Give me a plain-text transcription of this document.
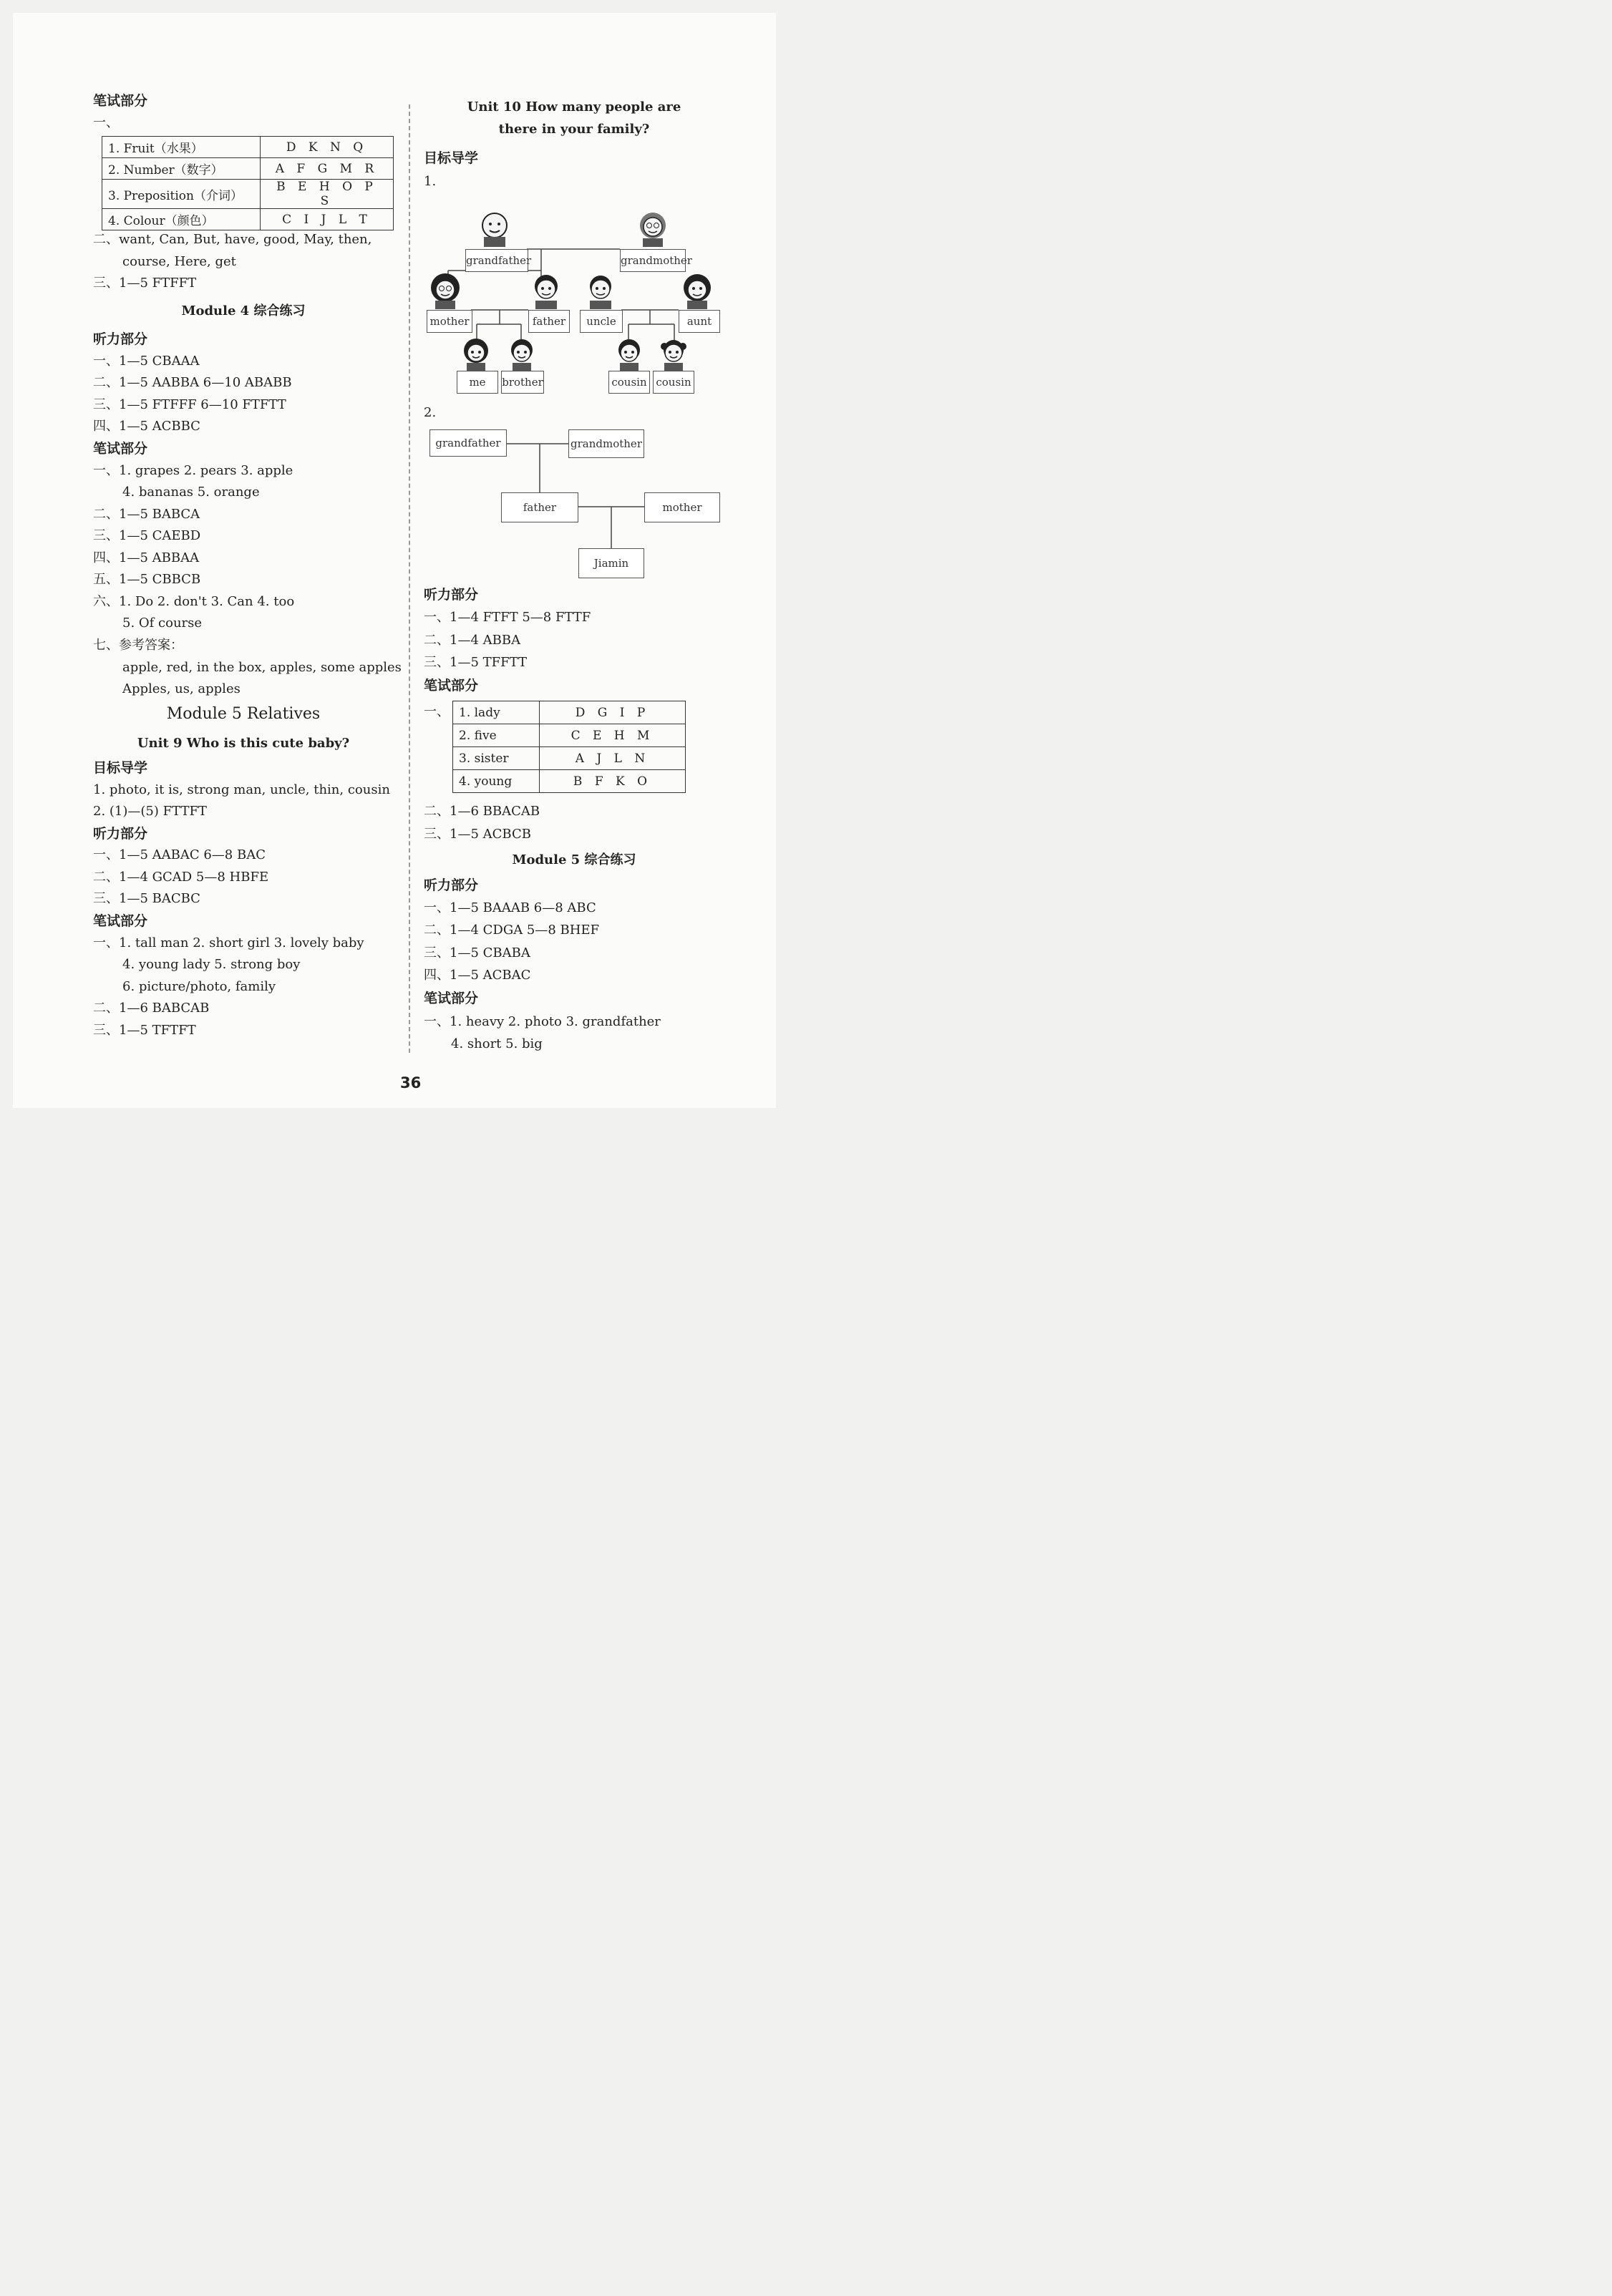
笔试部分
一、
1. Fruit（水果）	D K N Q
2. Number（数字）	A F G M R
3. Preposition（介词）	B E H O P S
4. Colour（颜色）	C I J L T
二、want, Can, But, have, good, May, then,
course, Here, get
三、1—5 FTFFT
Module 4 综合练习
听力部分
一、1—5 CBAAA
二、1—5 AABBA 6—10 ABABB
三、1—5 FTFFF 6—10 FTFTT
四、1—5 ACBBC
笔试部分
一、1. grapes 2. pears 3. apple
4. bananas 5. orange
二、1—5 BABCA
三、1—5 CAEBD
四、1—5 ABBAA
五、1—5 CBBCB
六、1. Do 2. don't 3. Can 4. too
5. Of course
七、参考答案：
apple, red, in the box, apples, some apples
Apples, us, apples
Module 5 Relatives
Unit 9 Who is this cute baby?
目标导学
1. photo, it is, strong man, uncle, thin, cousin
2. (1)—(5) FTTFT
听力部分
一、1—5 AABAC 6—8 BAC
二、1—4 GCAD 5—8 HBFE
三、1—5 BACBC
笔试部分
一、1. tall man 2. short girl 3. lovely baby
4. young lady 5. strong boy
6. picture/photo, family
二、1—6 BABCAB
三、1—5 TFTFT
Unit 10 How many people are
there in your family?
目标导学
1.
grandfather	grandmother
mother	father	uncle	aunt
me	brother	cousin cousin
2.
grandfather	grandmother
father	mother
Jiamin
听力部分
一、1—4 FTFT 5—8 FTTF
二、1—4 ABBA
三、1—5 TFFTT
笔试部分
一、 1. lady	D G I P
2. five	C E H M
3. sister	A J L N
4. young	B F K O
二、1—6 BBACAB
三、1—5 ACBCB
Module 5 综合练习
听力部分
一、1—5 BAAAB 6—8 ABC
二、1—4 CDGA 5—8 BHEF
三、1—5 CBABA
四、1—5 ACBAC
笔试部分
一、1. heavy 2. photo 3. grandfather
4. short 5. big
36
